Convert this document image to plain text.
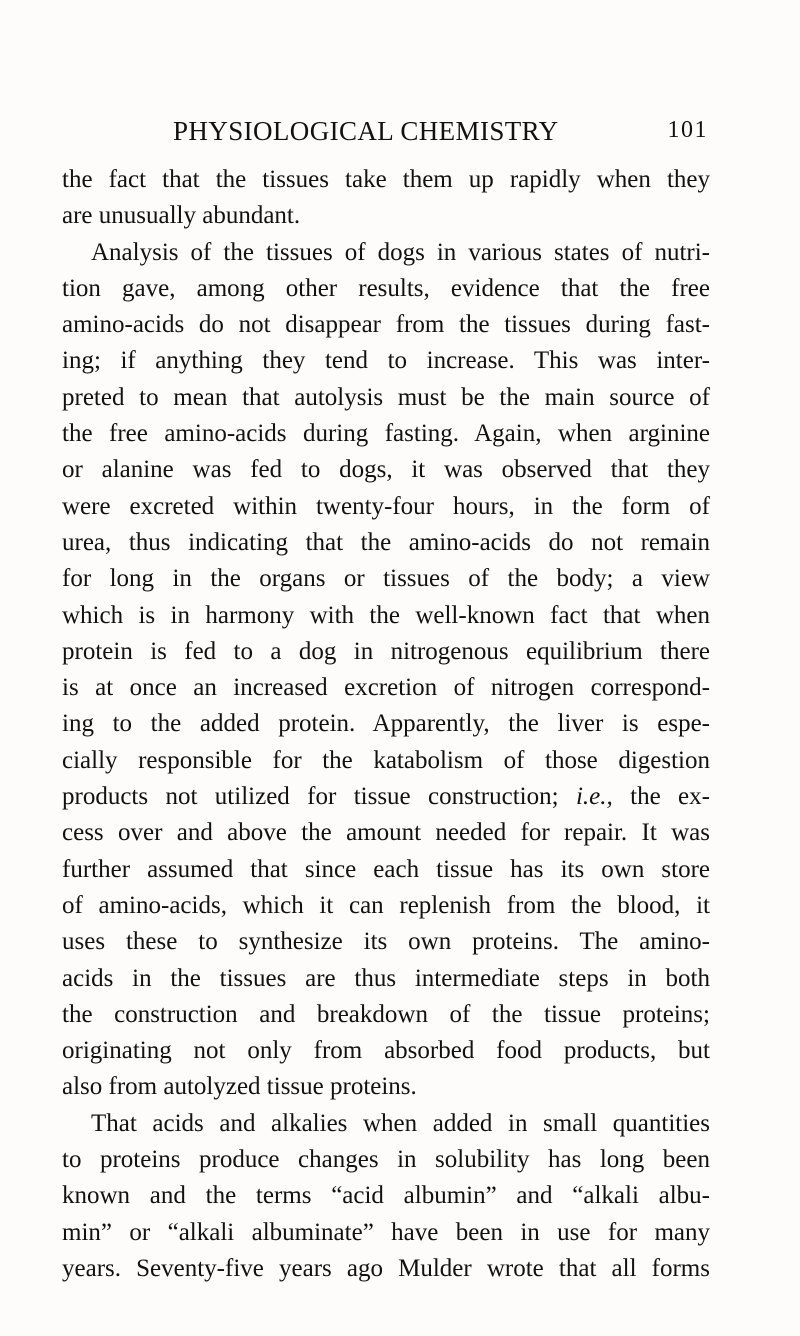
PHYSIOLOGICAL CHEMISTRY	101
the fact that the tissues take them up rapidly when they
are unusually abundant.
Analysis of the tissues of dogs in various states of nutri-
tion gave, among other results, evidence that the free
amino-acids do not disappear from the tissues during fast-
ing; if anything they tend to increase. This was inter-
preted to mean that autolysis must be the main source of
the free amino-acids during fasting. Again, when arginine
or alanine was fed to dogs, it was observed that they
were excreted within twenty-four hours, in the form of
urea, thus indicating that the amino-acids do not remain
for long in the organs or tissues of the body; a view
which is in harmony with the well-known fact that when
protein is fed to a dog in nitrogenous equilibrium there
is at once an increased excretion of nitrogen correspond-
ing to the added protein. Apparently, the liver is espe-
cially responsible for the katabolism of those digestion
products not utilized for tissue construction; i.e., the ex-
cess over and above the amount needed for repair. It was
further assumed that since each tissue has its own store
of amino-acids, which it can replenish from the blood, it
uses these to synthesize its own proteins. The amino-
acids in the tissues are thus intermediate steps in both
the construction and breakdown of the tissue proteins;
originating not only from absorbed food products, but
also from autolyzed tissue proteins.
That acids and alkalies when added in small quantities
to proteins produce changes in solubility has long been
known and the terms “acid albumin” and “alkali albu-
min” or “alkali albuminate” have been in use for many
years. Seventy-five years ago Mulder wrote that all forms
